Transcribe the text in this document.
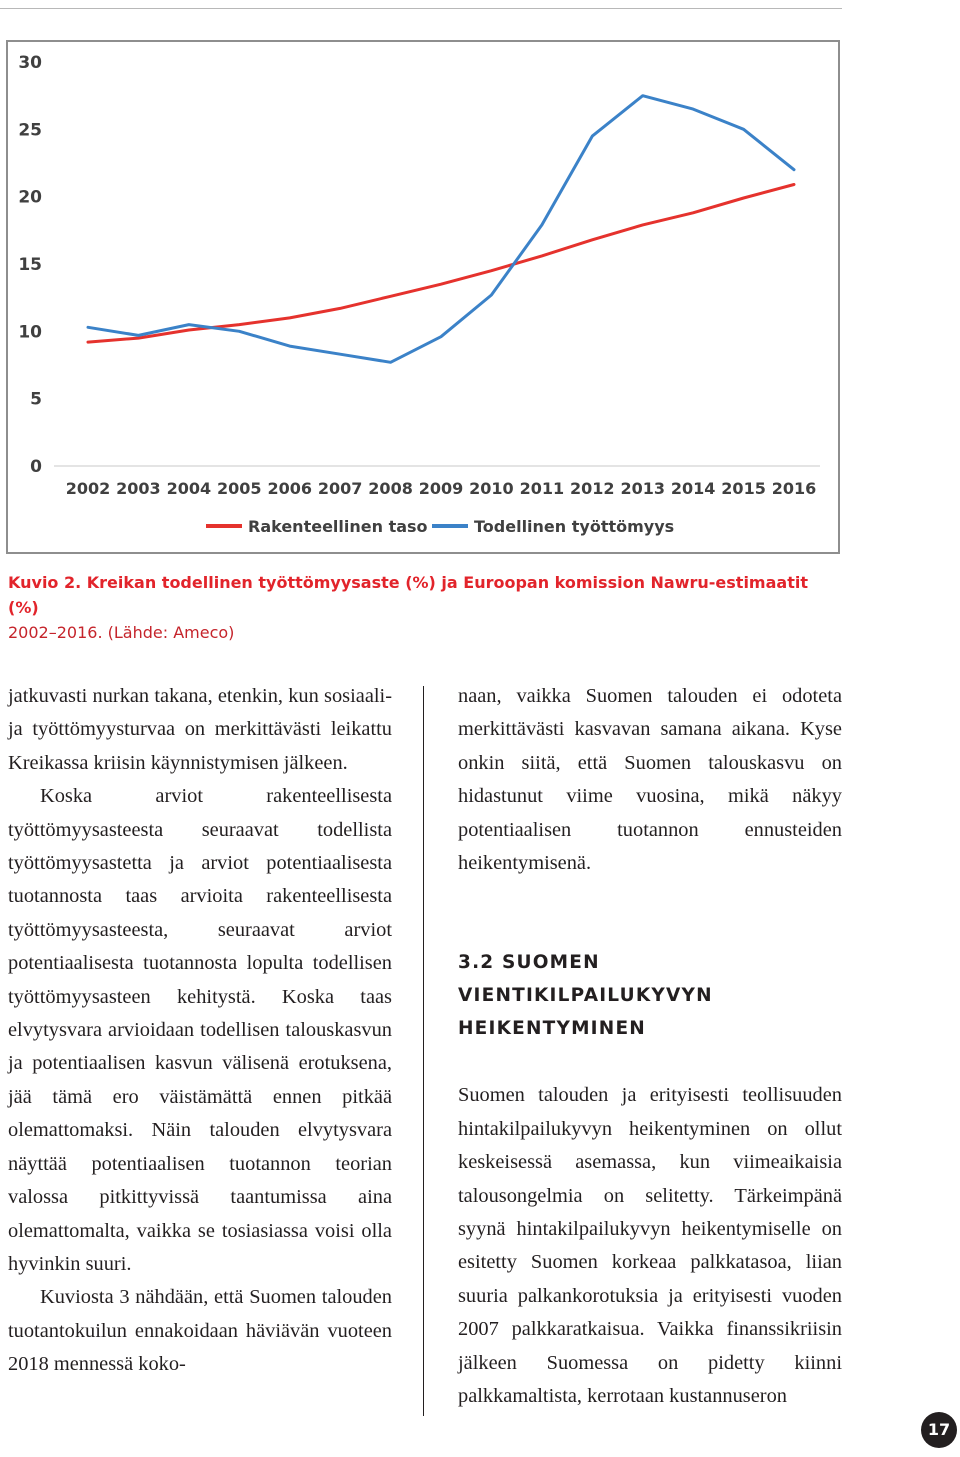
0
5
10
15
20
25
30
2002 2003 2004 2005 2006 2007 2008 2009 2010 2011 2012 2013 2014 2015 2016
Rakenteellinen taso	Todellinen työttömyys
Kuvio 2. Kreikan todellinen työttömyysaste (%) ja Euroopan komission Nawru-estimaatit (%)
2002–2016. (Lähde: Ameco)

jatkuvasti nurkan takana, etenkin, kun sosiaali- ja työttömyysturvaa on merkittävästi leikattu Kreikassa kriisin käynnistymisen jälkeen.

Koska arviot rakenteellisesta työttömyysasteesta seuraavat todellista työttömyysastetta ja arviot potentiaalisesta tuotannosta taas arvioita rakenteellisesta työttömyysasteesta, seuraavat arviot potentiaalisesta tuotannosta lopulta todellisen työttömyysasteen kehitystä. Koska taas elvytysvara arvioidaan todellisen talouskasvun ja potentiaalisen kasvun välisenä erotuksena, jää tämä ero väistämättä ennen pitkää olemattomaksi. Näin talouden elvytysvara näyttää potentiaalisen tuotannon teorian valossa pitkittyvissä taantumissa aina olemattomalta, vaikka se tosiasiassa voisi olla hyvinkin suuri.

Kuviosta 3 nähdään, että Suomen talouden tuotantokuilun ennakoidaan häviävän vuoteen 2018 mennessä koko-

naan, vaikka Suomen talouden ei odoteta merkittävästi kasvavan samana aikana. Kyse onkin siitä, että Suomen talouskasvu on hidastunut viime vuosina, mikä näkyy potentiaalisen tuotannon ennusteiden heikentymisenä.

3.2 SUOMEN VIENTIKILPAILUKYVYN HEIKENTYMINEN

Suomen talouden ja erityisesti teollisuuden hintakilpailukyvyn heikentyminen on ollut keskeisessä asemassa, kun viimeaikaisia talousongelmia on selitetty. Tärkeimpänä syynä hintakilpailukyvyn heikentymiselle on esitetty Suomen korkeaa palkkatasoa, liian suuria palkankorotuksia ja erityisesti vuoden 2007 palkkaratkaisua. Vaikka finanssikriisin jälkeen Suomessa on pidetty kiinni palkkamaltista, kerrotaan kustannuseron

17
